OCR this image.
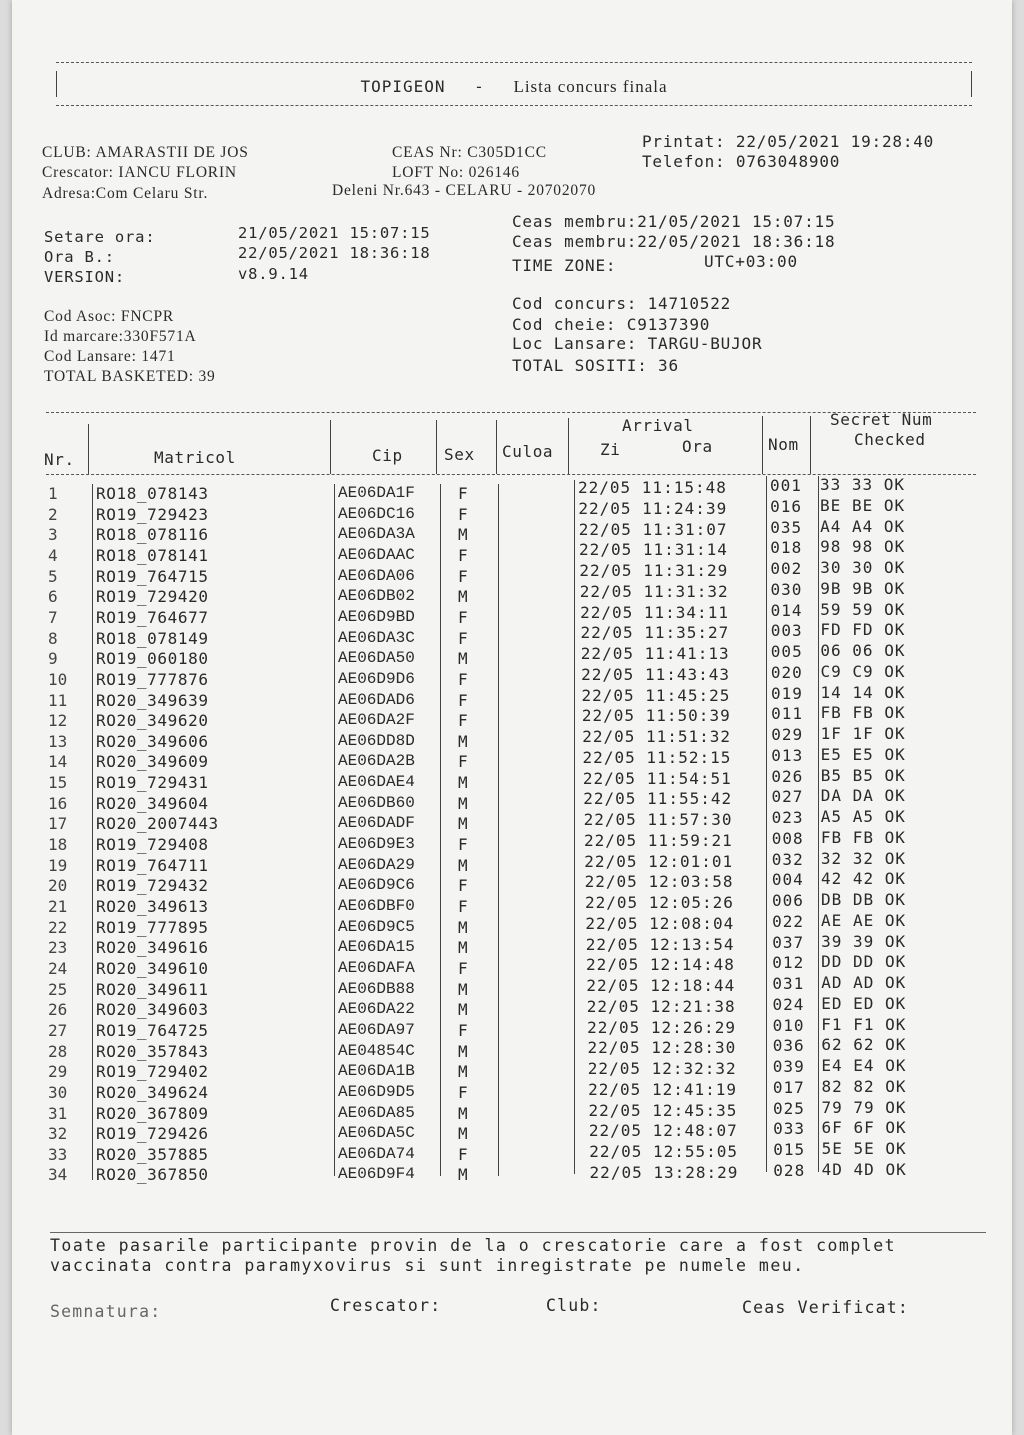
TOPIGEON - Lista concurs finala
CLUB: AMARASTII DE JOS
Crescator: IANCU FLORIN
Adresa:Com Celaru Str.
CEAS Nr: C305D1CC
LOFT No: 026146
Deleni Nr.643 - CELARU - 20702070
Printat: 22/05/2021 19:28:40
Telefon: 0763048900
Setare ora:	21/05/2021 15:07:15
Ora B.:	22/05/2021 18:36:18
VERSION:	v8.9.14
Ceas membru:21/05/2021 15:07:15
Ceas membru:22/05/2021 18:36:18
TIME ZONE:	UTC+03:00
Cod Asoc: FNCPR
Id marcare:330F571A
Cod Lansare: 1471
TOTAL BASKETED: 39
Cod concurs: 14710522
Cod cheie: C9137390
Loc Lansare: TARGU-BUJOR
TOTAL SOSITI: 36
Nr.	Matricol	Cip	Sex Culoa
Arrival
Zi	Ora	Nom
Secret Num
Checked
1 RO18_078143	AE06DA1F	F	22/05 11:15:48	001 33 33 OK
2 RO19_729423	AE06DC16	F	22/05 11:24:39	016 BE BE OK
3 RO18_078116	AE06DA3A	M	22/05 11:31:07	035 A4 A4 OK
4 RO18_078141	AE06DAAC	F	22/05 11:31:14	018 98 98 OK
5 RO19_764715	AE06DA06	F	22/05 11:31:29	002 30 30 OK
6 RO19_729420	AE06DB02	M	22/05 11:31:32	030 9B 9B OK
7 RO19_764677	AE06D9BD	F	22/05 11:34:11	014 59 59 OK
8 RO18_078149	AE06DA3C	F	22/05 11:35:27	003 FD FD OK
9 RO19_060180	AE06DA50	M	22/05 11:41:13	005 06 06 OK
10 RO19_777876	AE06D9D6	F	22/05 11:43:43	020 C9 C9 OK
11 RO20_349639	AE06DAD6	F	22/05 11:45:25	019 14 14 OK
12 RO20_349620	AE06DA2F	F	22/05 11:50:39	011 FB FB OK
13 RO20_349606	AE06DD8D	M	22/05 11:51:32	029 1F 1F OK
14 RO20_349609	AE06DA2B	F	22/05 11:52:15 013 E5 E5 OK
15 RO19_729431	AE06DAE4	M	22/05 11:54:51 026 B5 B5 OK
16 RO20_349604	AE06DB60	M	22/05 11:55:42 027 DA DA OK
17 RO20_2007443	AE06DADF	M	22/05 11:57:30 023 A5 A5 OK
18 RO19_729408	AE06D9E3	F	22/05 11:59:21 008 FB FB OK
19 RO19_764711	AE06DA29	M	22/05 12:01:01 032 32 32 OK
20 RO19_729432	AE06D9C6	F	22/05 12:03:58 004 42 42 OK
21 RO20_349613	AE06DBF0	F	22/05 12:05:26 006 DB DB OK
22 RO19_777895	AE06D9C5	M	22/05 12:08:04 022 AE AE OK
23 RO20_349616	AE06DA15	M	22/05 12:13:54 037 39 39 OK
24 RO20_349610	AE06DAFA	F	22/05 12:14:48 012 DD DD OK
25 RO20_349611	AE06DB88	M	22/05 12:18:44 031 AD AD OK
26 RO20_349603	AE06DA22	M	22/05 12:21:38 024 ED ED OK
27 RO19_764725	AE06DA97	F	22/05 12:26:29 010 F1 F1 OK
28 RO20_357843	AE04854C	M	22/05 12:28:30 036 62 62 OK
29 RO19_729402	AE06DA1B	M	22/05 12:32:32 039 E4 E4 OK
30 RO20_349624	AE06D9D5	F	22/05 12:41:19 017 82 82 OK
31 RO20_367809	AE06DA85	M	22/05 12:45:35 025 79 79 OK
32 RO19_729426	AE06DA5C	M	22/05 12:48:07 033 6F 6F OK
33 RO20_357885	AE06DA74	F	22/05 12:55:05 015 5E 5E OK
34 RO20_367850	AE06D9F4	M	22/05 13:28:29 028 4D 4D OK
Toate pasarile participante provin de la o crescatorie care a fost complet
vaccinata contra paramyxovirus si sunt inregistrate pe numele meu.
Semnatura:	Crescator:	Club:	Ceas Verificat:
